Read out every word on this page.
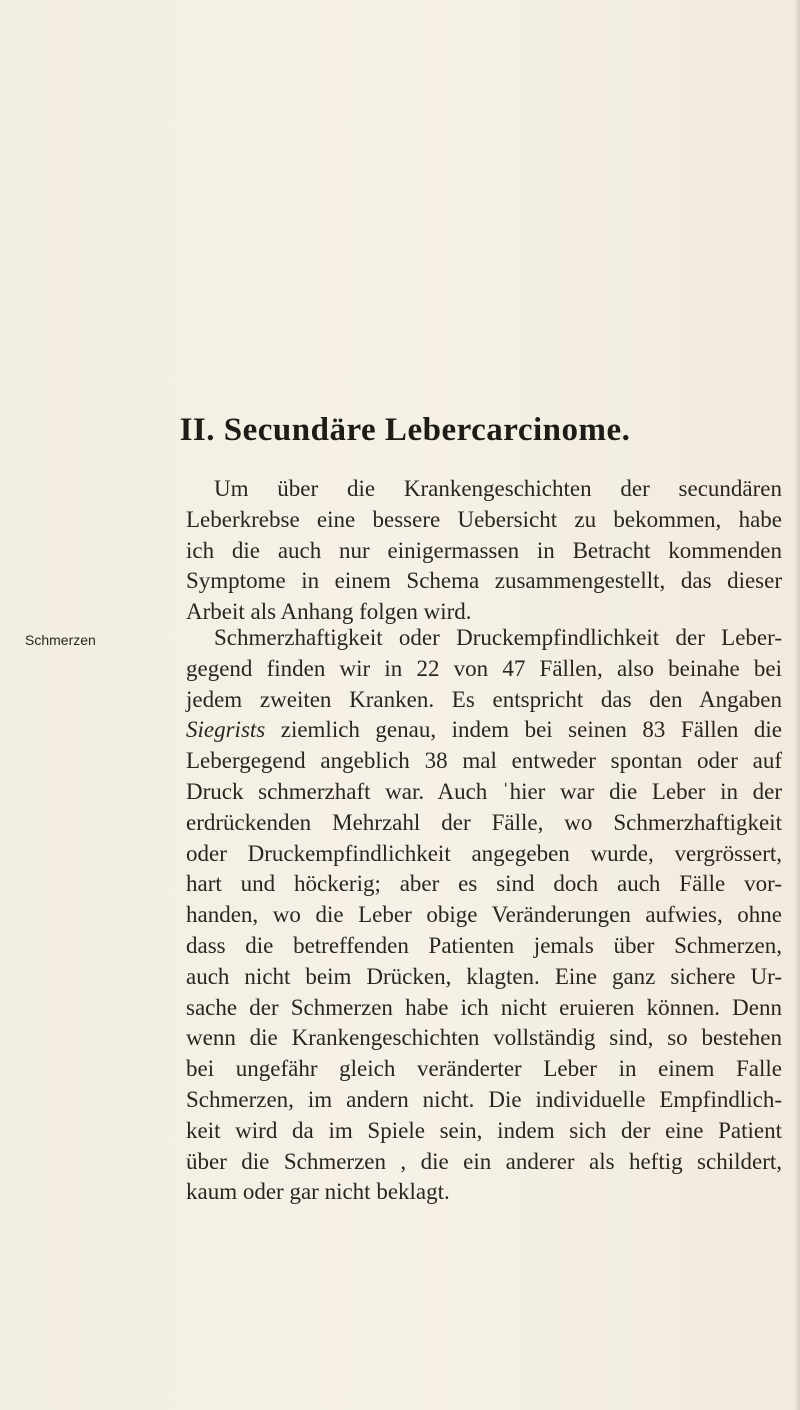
II. Secundäre Lebercarcinome.
Um über die Krankengeschichten der secundären
Leberkrebse eine bessere Uebersicht zu bekommen, habe
ich die auch nur einigermassen in Betracht kommenden
Symptome in einem Schema zusammengestellt, das dieser
Arbeit als Anhang folgen wird.
Schmerzen	Schmerzhaftigkeit oder Druckempfindlichkeit der Leber-
gegend finden wir in 22 von 47 Fällen, also beinahe bei
jedem zweiten Kranken. Es entspricht das den Angaben
Siegrists ziemlich genau, indem bei seinen 83 Fällen die
Lebergegend angeblich 38 mal entweder spontan oder auf
Druck schmerzhaft war. Auch ˈhier war die Leber in der
erdrückenden Mehrzahl der Fälle, wo Schmerzhaftigkeit
oder Druckempfindlichkeit angegeben wurde, vergrössert,
hart und höckerig; aber es sind doch auch Fälle vor-
handen, wo die Leber obige Veränderungen aufwies, ohne
dass die betreffenden Patienten jemals über Schmerzen,
auch nicht beim Drücken, klagten. Eine ganz sichere Ur-
sache der Schmerzen habe ich nicht eruieren können. Denn
wenn die Krankengeschichten vollständig sind, so bestehen
bei ungefähr gleich veränderter Leber in einem Falle
Schmerzen, im andern nicht. Die individuelle Empfindlich-
keit wird da im Spiele sein, indem sich der eine Patient
über die Schmerzen , die ein anderer als heftig schildert,
kaum oder gar nicht beklagt.
